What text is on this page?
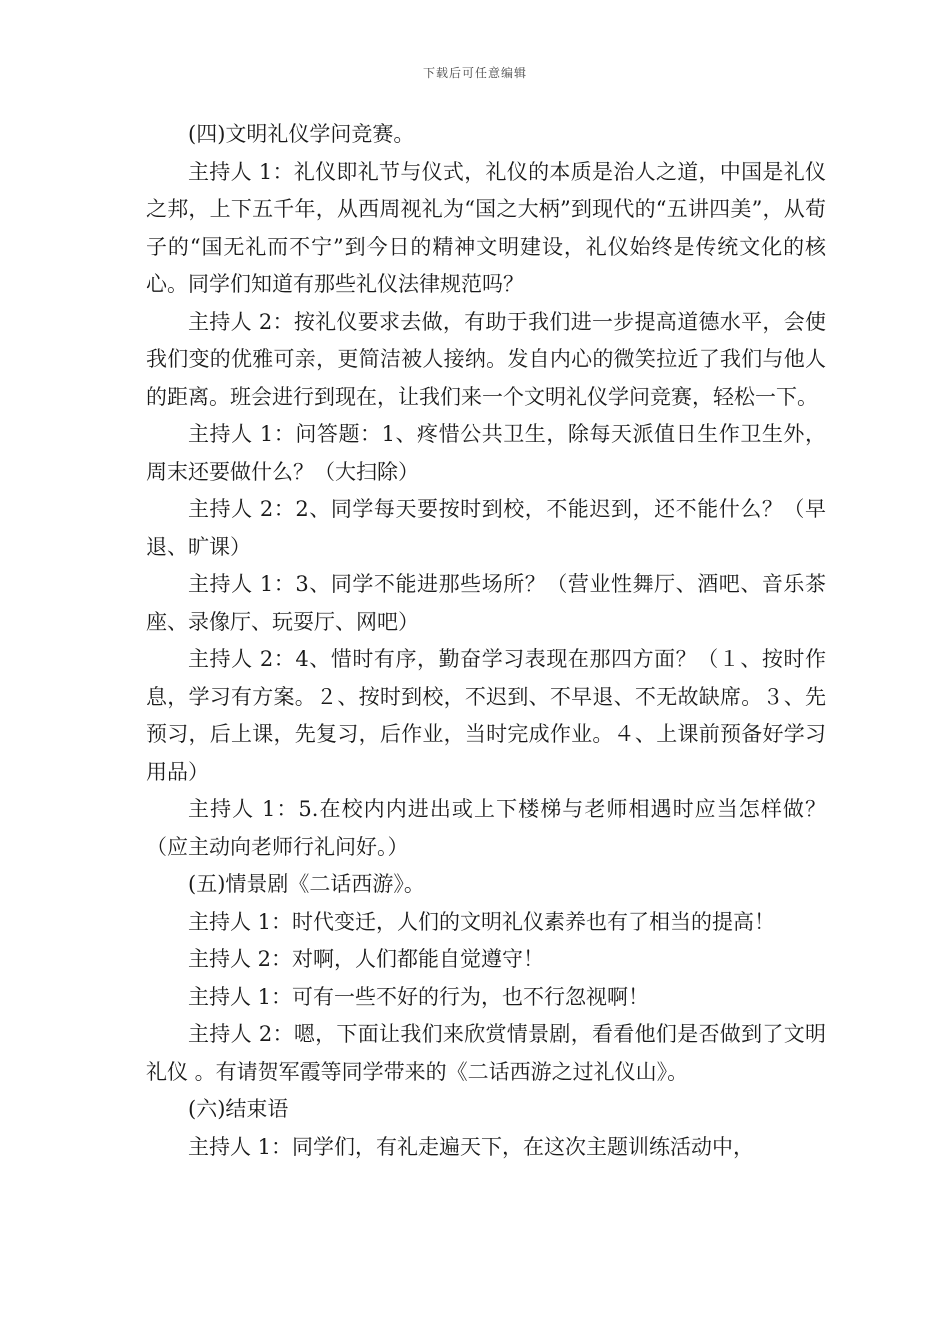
下载后可任意编辑

(四)文明礼仪学问竞赛。

主持人 1：礼仪即礼节与仪式，礼仪的本质是治人之道，中国是礼仪之邦，上下五千年，从西周视礼为“国之大柄”到现代的“五讲四美”，从荀子的“国无礼而不宁”到今日的精神文明建设，礼仪始终是传统文化的核心。同学们知道有那些礼仪法律规范吗？

主持人 2：按礼仪要求去做，有助于我们进一步提高道德水平，会使我们变的优雅可亲，更简洁被人接纳。发自内心的微笑拉近了我们与他人的距离。班会进行到现在，让我们来一个文明礼仪学问竞赛，轻松一下。

主持人 1：问答题：1、疼惜公共卫生，除每天派值日生作卫生外，周末还要做什么？（大扫除）

主持人 2：2、同学每天要按时到校，不能迟到，还不能什么？（早退、旷课）

主持人 1：3、同学不能进那些场所？（营业性舞厅、酒吧、音乐茶座、录像厅、玩耍厅、网吧）

主持人 2：4、惜时有序，勤奋学习表现在那四方面？（１、按时作息，学习有方案。２、按时到校，不迟到、不早退、不无故缺席。３、先预习，后上课，先复习，后作业，当时完成作业。４、上课前预备好学习用品）

主持人 1：5.在校内内进出或上下楼梯与老师相遇时应当怎样做？（应主动向老师行礼问好。）

(五)情景剧《二话西游》。

主持人 1：时代变迁，人们的文明礼仪素养也有了相当的提高！

主持人 2：对啊，人们都能自觉遵守！

主持人 1：可有一些不好的行为，也不行忽视啊！

主持人 2：嗯，下面让我们来欣赏情景剧，看看他们是否做到了文明礼仪 。有请贺军霞等同学带来的《二话西游之过礼仪山》。

(六)结束语

主持人 1：同学们，有礼走遍天下，在这次主题训练活动中，
